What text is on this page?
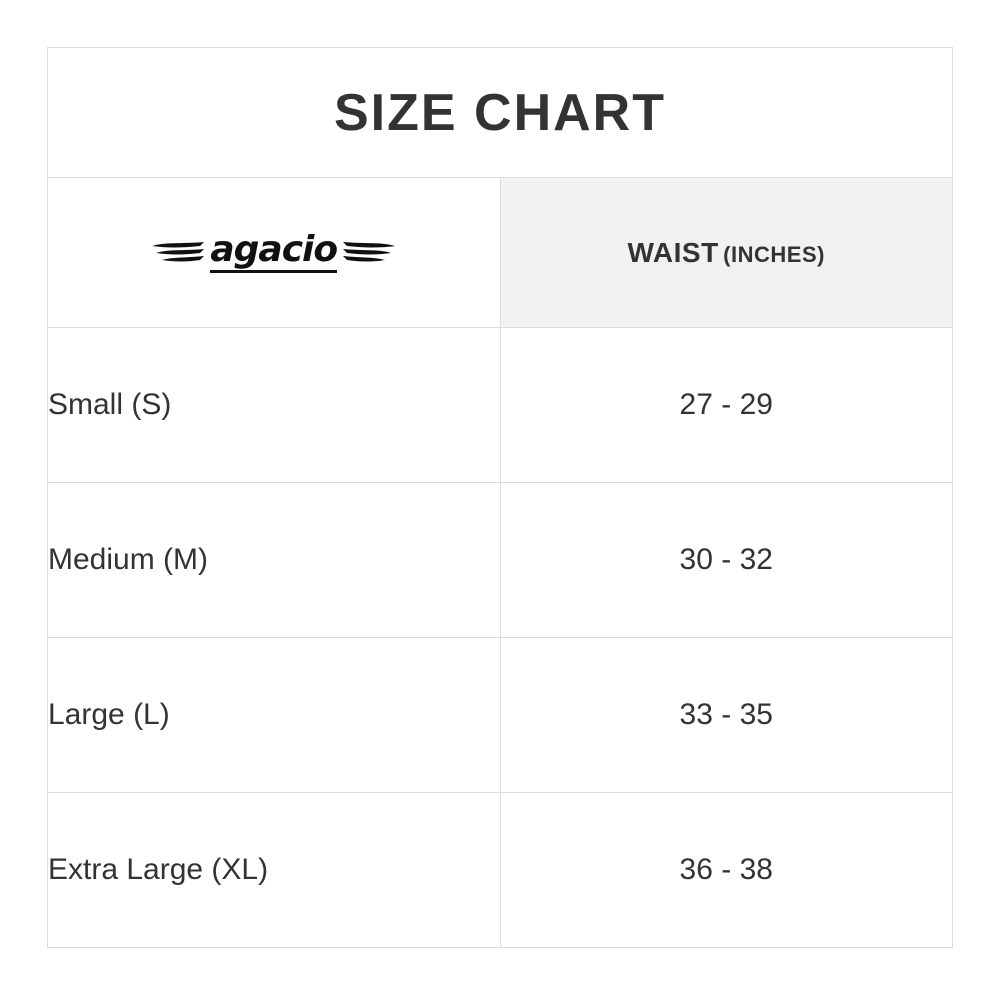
SIZE CHART	

agacio	WAIST (INCHES)
Small (S)	27 - 29
Medium (M)	30 - 32
Large (L)	33 - 35
Extra Large (XL)	36 - 38
